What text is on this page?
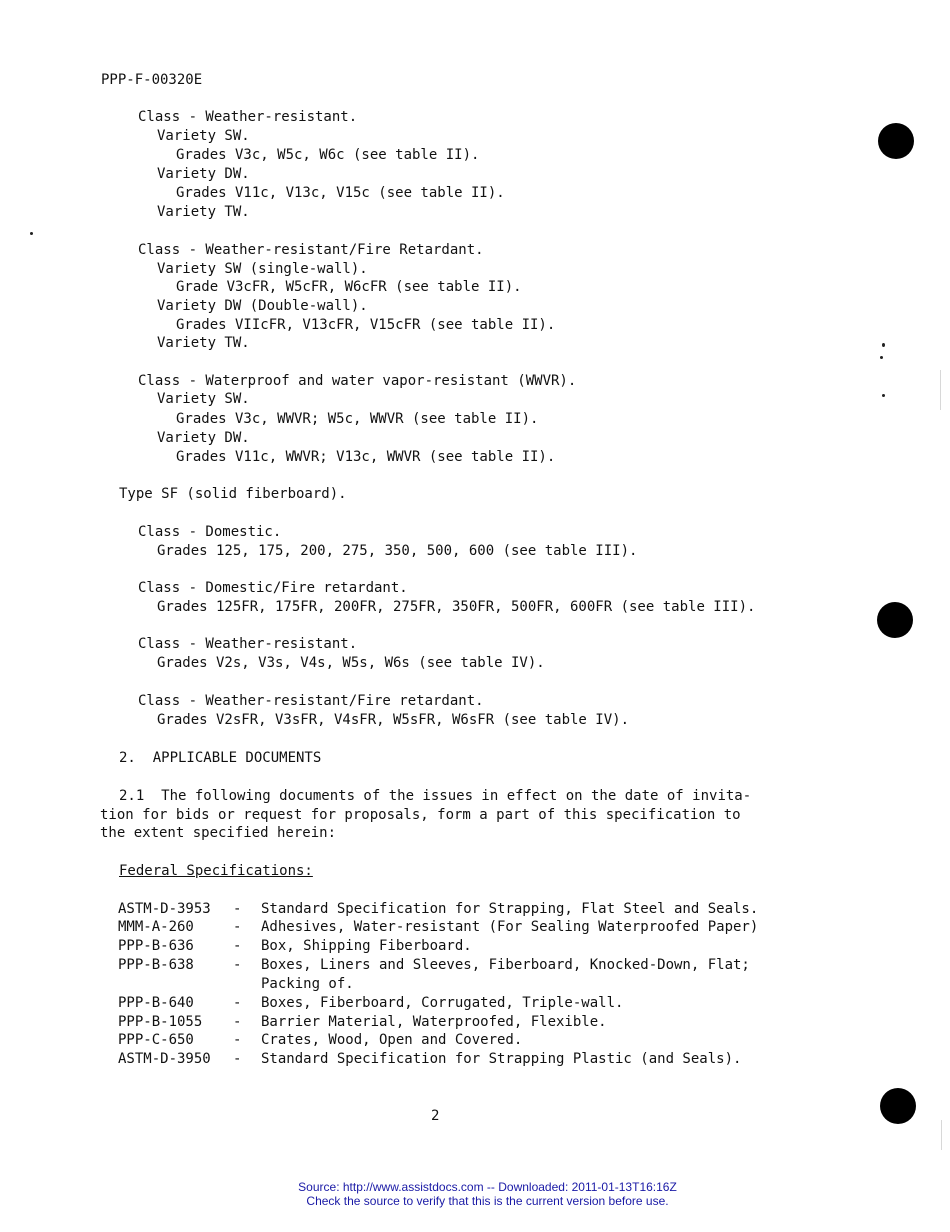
PPP-F-00320E
Class - Weather-resistant.
Variety SW.
Grades V3c, W5c, W6c (see table II).
Variety DW.
Grades V11c, V13c, V15c (see table II).
Variety TW.
Class - Weather-resistant/Fire Retardant.
Variety SW (single-wall).
Grade V3cFR, W5cFR, W6cFR (see table II).
Variety DW (Double-wall).
Grades VIIcFR, V13cFR, V15cFR (see table II).
Variety TW.
Class - Waterproof and water vapor-resistant (WWVR).
Variety SW.
Grades V3c, WWVR; W5c, WWVR (see table II).
Variety DW.
Grades V11c, WWVR; V13c, WWVR (see table II).
Type SF (solid fiberboard).
Class - Domestic.
Grades 125, 175, 200, 275, 350, 500, 600 (see table III).
Class - Domestic/Fire retardant.
Grades 125FR, 175FR, 200FR, 275FR, 350FR, 500FR, 600FR (see table III).
Class - Weather-resistant.
Grades V2s, V3s, V4s, W5s, W6s (see table IV).
Class - Weather-resistant/Fire retardant.
Grades V2sFR, V3sFR, V4sFR, W5sFR, W6sFR (see table IV).
2.  APPLICABLE DOCUMENTS
2.1  The following documents of the issues in effect on the date of invita-
tion for bids or request for proposals, form a part of this specification to
the extent specified herein:
Federal Specifications:
ASTM-D-3953 - Standard Specification for Strapping, Flat Steel and Seals.
MMM-A-260	- Adhesives, Water-resistant (For Sealing Waterproofed Paper)
PPP-B-636	- Box, Shipping Fiberboard.
PPP-B-638	- Boxes, Liners and Sleeves, Fiberboard, Knocked-Down, Flat;
Packing of.
PPP-B-640	- Boxes, Fiberboard, Corrugated, Triple-wall.
PPP-B-1055 - Barrier Material, Waterproofed, Flexible.
PPP-C-650	- Crates, Wood, Open and Covered.
ASTM-D-3950 - Standard Specification for Strapping Plastic (and Seals).
2
Source: http://www.assistdocs.com -- Downloaded: 2011-01-13T16:16Z
Check the source to verify that this is the current version before use.
